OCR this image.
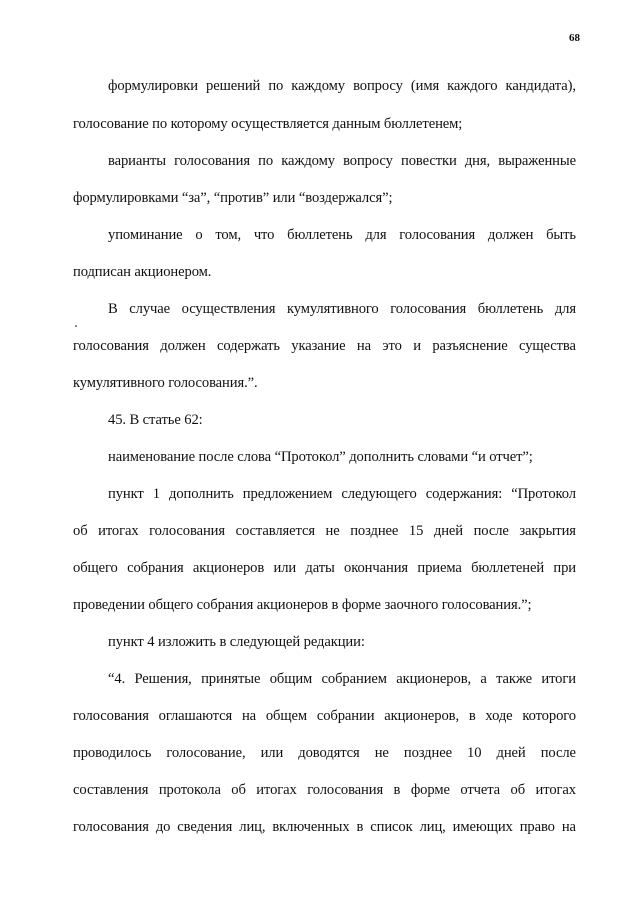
68
формулировки решений по каждому вопросу (имя каждого кандидата),
голосование по которому осуществляется данным бюллетенем;
варианты голосования по каждому вопросу повестки дня, выраженные
формулировками “за”, “против” или “воздержался”;
упоминание о том, что бюллетень для голосования должен быть
подписан акционером.
В случае осуществления кумулятивного голосования бюллетень для
голосования должен содержать указание на это и разъяснение существа
кумулятивного голосования.”.
45. В статье 62:
наименование после слова “Протокол” дополнить словами “и отчет”;
пункт 1 дополнить предложением следующего содержания: “Протокол
об итогах голосования составляется не позднее 15 дней после закрытия
общего собрания акционеров или даты окончания приема бюллетеней при
проведении общего собрания акционеров в форме заочного голосования.”;
пункт 4 изложить в следующей редакции:
“4. Решения, принятые общим собранием акционеров, а также итоги
голосования оглашаются на общем собрании акционеров, в ходе которого
проводилось голосование, или доводятся не позднее 10 дней после
составления протокола об итогах голосования в форме отчета об итогах
голосования до сведения лиц, включенных в список лиц, имеющих право на
